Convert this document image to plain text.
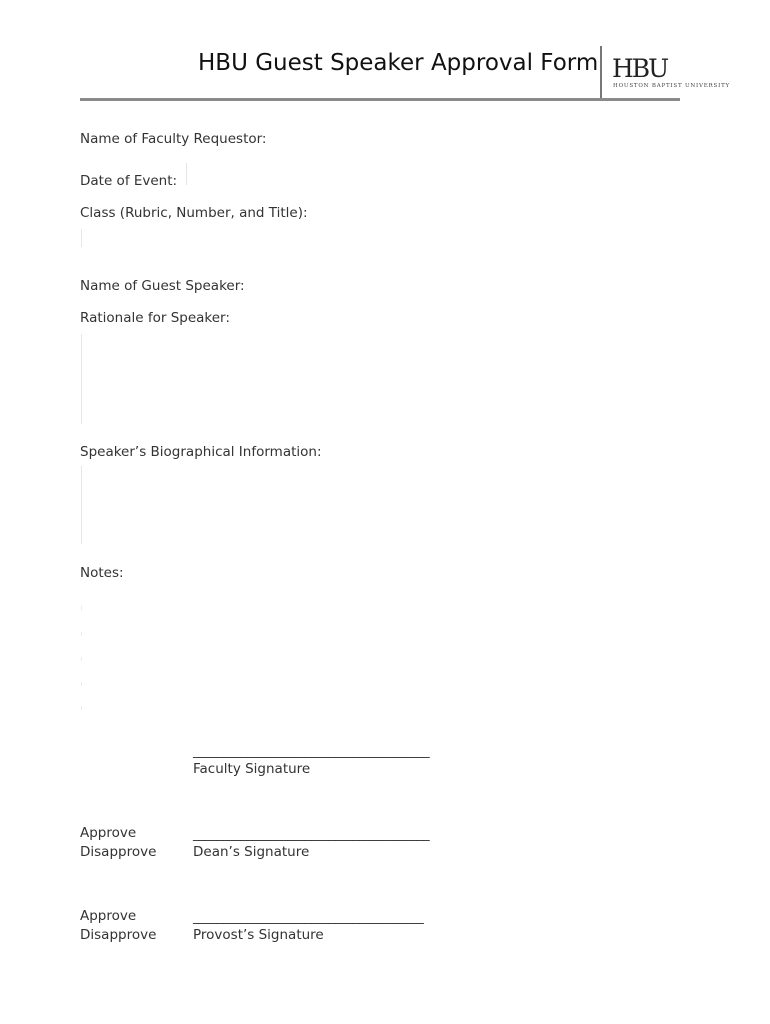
HBU Guest Speaker Approval Form HBU
HOUSTON BAPTIST UNIVERSITY
Name of Faculty Requestor:
Date of Event:
Class (Rubric, Number, and Title):
Name of Guest Speaker:
Rationale for Speaker:
Speaker’s Biographical Information:
Notes:
________________________________________
Faculty Signature
Approve
Disapprove
________________________________________
Dean’s Signature
Approve
Disapprove
_______________________________________
Provost’s Signature
